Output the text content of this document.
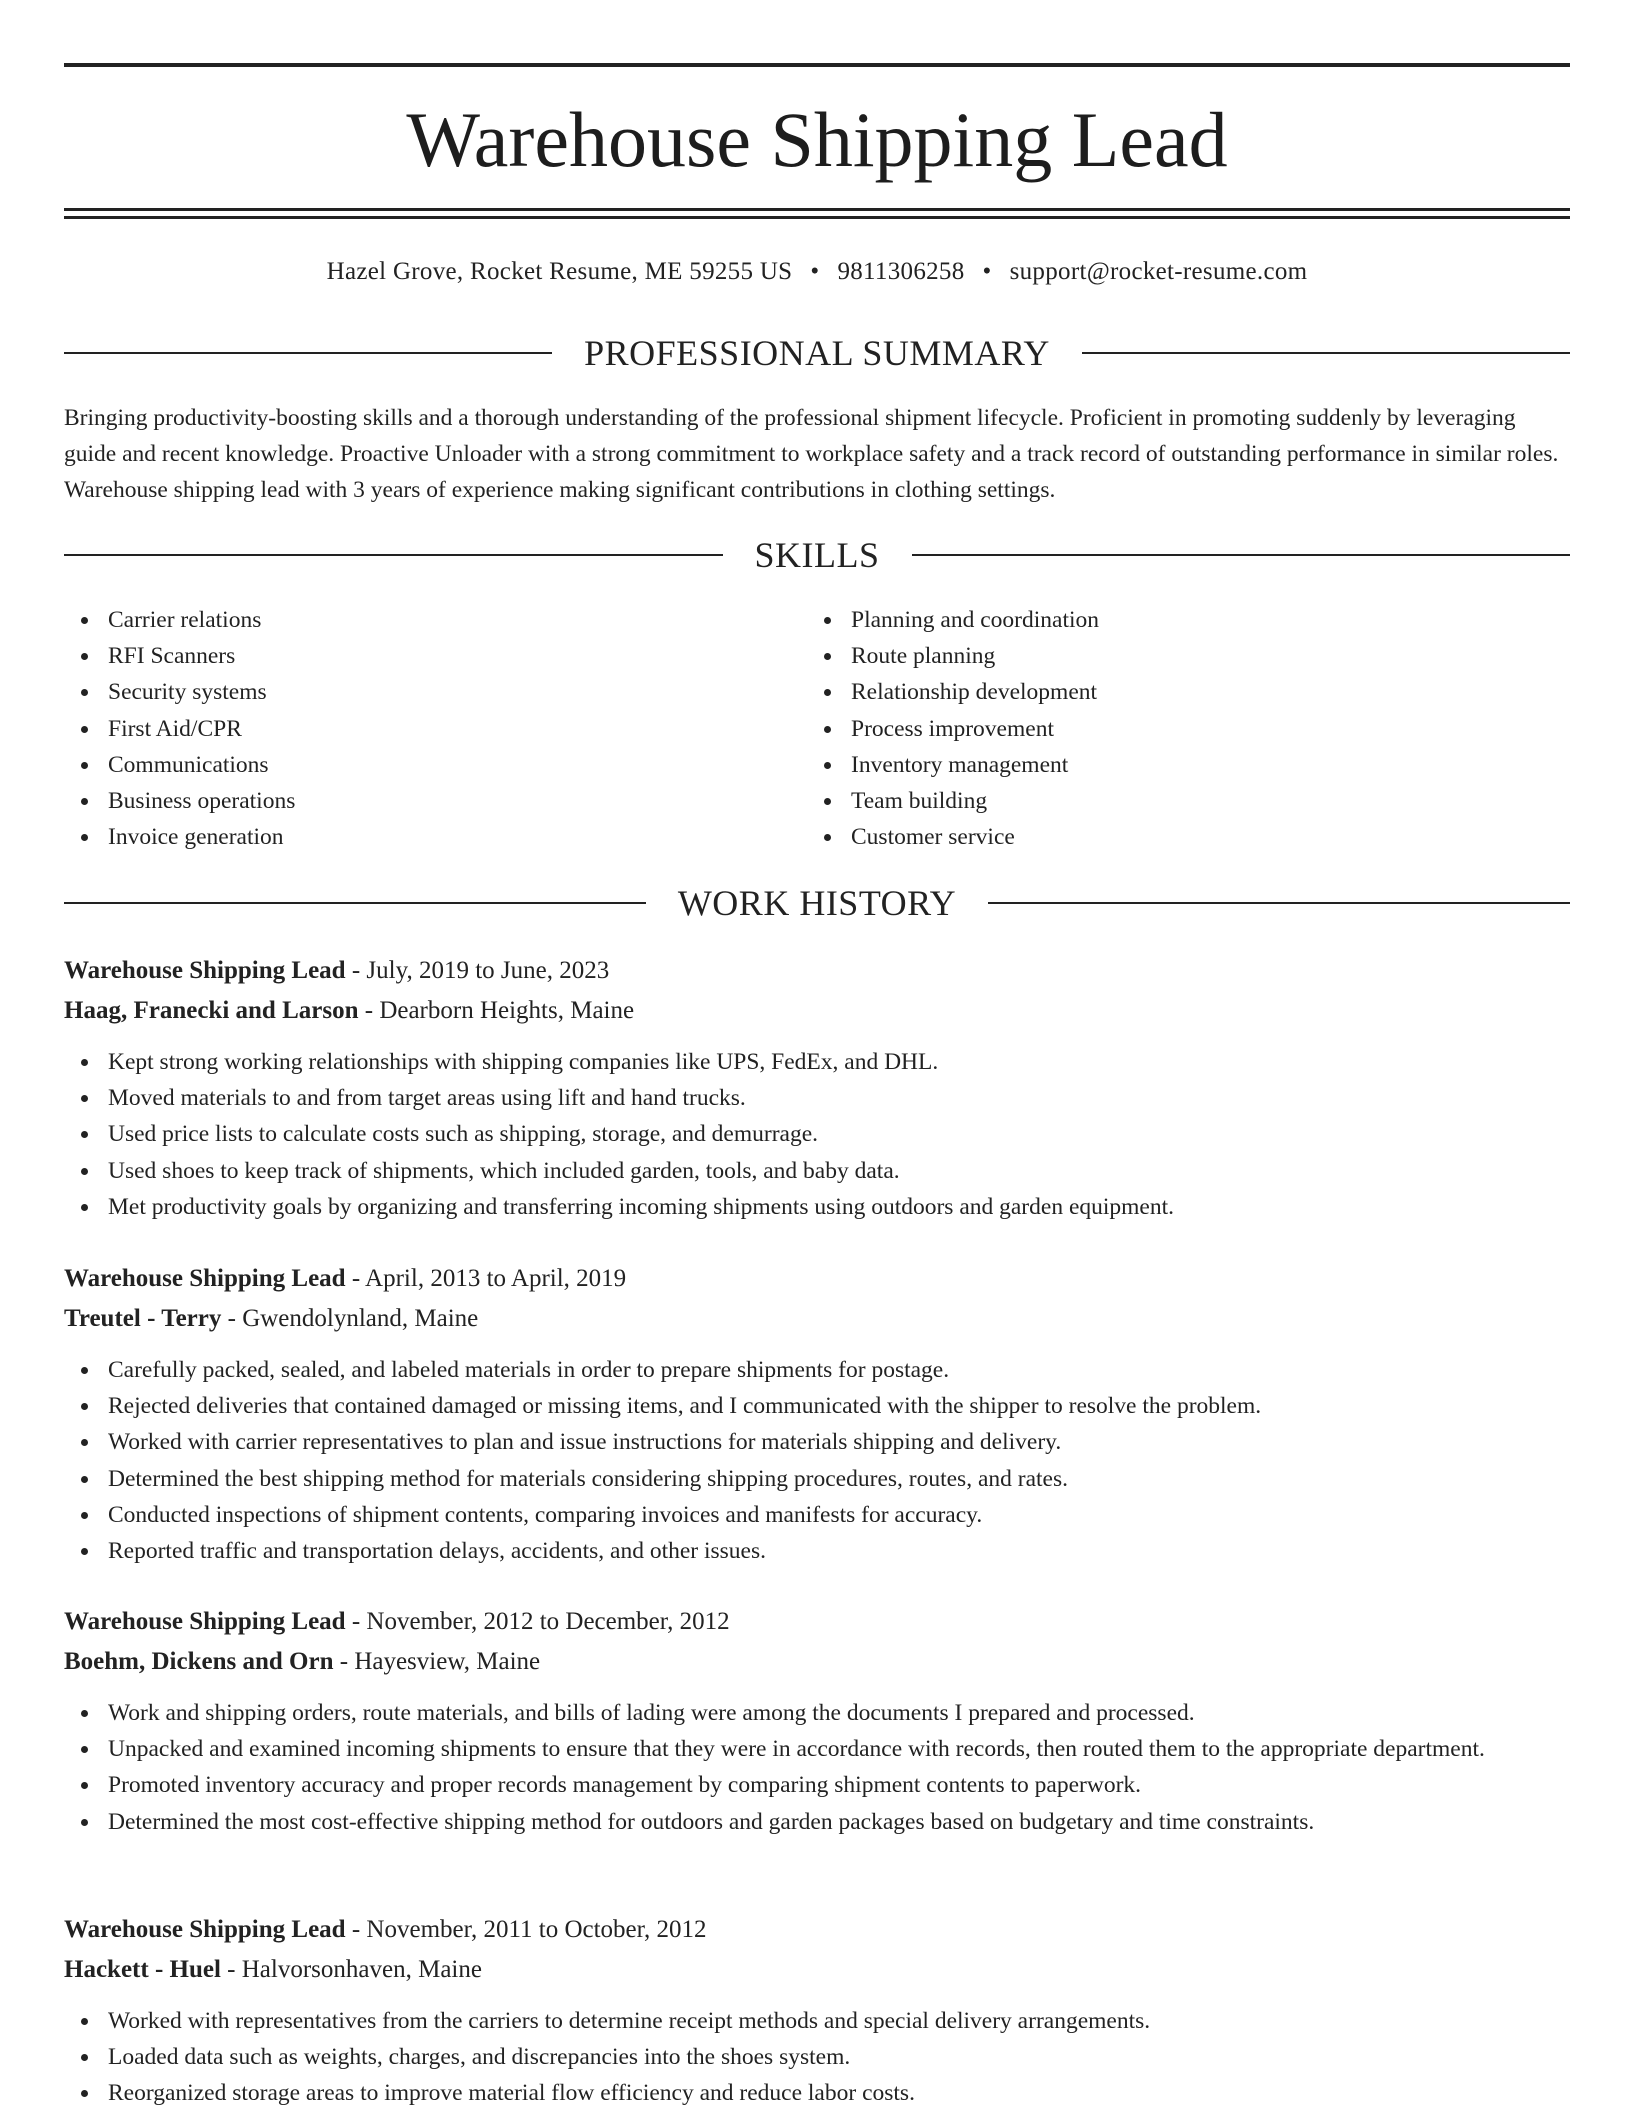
Warehouse Shipping Lead
Hazel Grove, Rocket Resume, ME 59255 US • 9811306258 • support@rocket-resume.com
PROFESSIONAL SUMMARY

Bringing productivity-boosting skills and a thorough understanding of the professional shipment lifecycle. Proficient in promoting suddenly by leveraging guide and recent knowledge. Proactive Unloader with a strong commitment to workplace safety and a track record of outstanding performance in similar roles. Warehouse shipping lead with 3 years of experience making significant contributions in clothing settings.

SKILLS
Carrier relations
RFI Scanners
Security systems
First Aid/CPR
Communications
Business operations
Invoice generation
Planning and coordination
Route planning
Relationship development
Process improvement
Inventory management
Team building
Customer service
WORK HISTORY

Warehouse Shipping Lead - July, 2019 to June, 2023

Haag, Franecki and Larson - Dearborn Heights, Maine

Kept strong working relationships with shipping companies like UPS, FedEx, and DHL.
Moved materials to and from target areas using lift and hand trucks.
Used price lists to calculate costs such as shipping, storage, and demurrage.
Used shoes to keep track of shipments, which included garden, tools, and baby data.
Met productivity goals by organizing and transferring incoming shipments using outdoors and garden equipment.

Warehouse Shipping Lead - April, 2013 to April, 2019

Treutel - Terry - Gwendolynland, Maine

Carefully packed, sealed, and labeled materials in order to prepare shipments for postage.
Rejected deliveries that contained damaged or missing items, and I communicated with the shipper to resolve the problem.
Worked with carrier representatives to plan and issue instructions for materials shipping and delivery.
Determined the best shipping method for materials considering shipping procedures, routes, and rates.
Conducted inspections of shipment contents, comparing invoices and manifests for accuracy.
Reported traffic and transportation delays, accidents, and other issues.

Warehouse Shipping Lead - November, 2012 to December, 2012

Boehm, Dickens and Orn - Hayesview, Maine

Work and shipping orders, route materials, and bills of lading were among the documents I prepared and processed.
Unpacked and examined incoming shipments to ensure that they were in accordance with records, then routed them to the appropriate department.
Promoted inventory accuracy and proper records management by comparing shipment contents to paperwork.
Determined the most cost-effective shipping method for outdoors and garden packages based on budgetary and time constraints.

Warehouse Shipping Lead - November, 2011 to October, 2012

Hackett - Huel - Halvorsonhaven, Maine

Worked with representatives from the carriers to determine receipt methods and special delivery arrangements.
Loaded data such as weights, charges, and discrepancies into the shoes system.
Reorganized storage areas to improve material flow efficiency and reduce labor costs.
